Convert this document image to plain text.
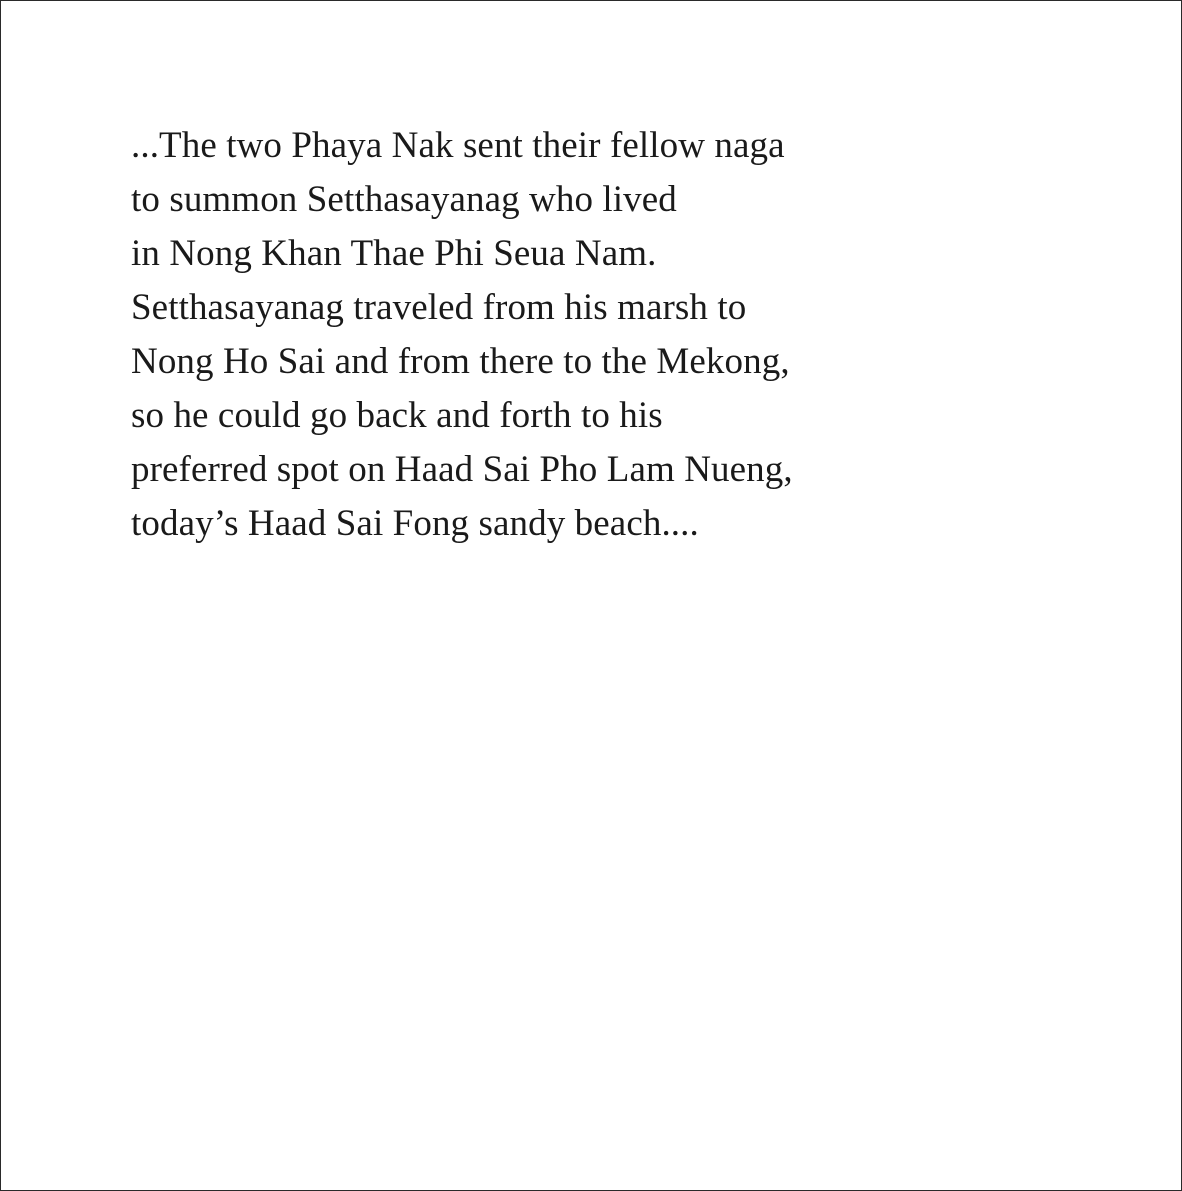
...The two Phaya Nak sent their fellow naga
to summon Setthasayanag who lived
in Nong Khan Thae Phi Seua Nam.
Setthasayanag traveled from his marsh to
Nong Ho Sai and from there to the Mekong,
so he could go back and forth to his
preferred spot on Haad Sai Pho Lam Nueng,
today’s Haad Sai Fong sandy beach....
